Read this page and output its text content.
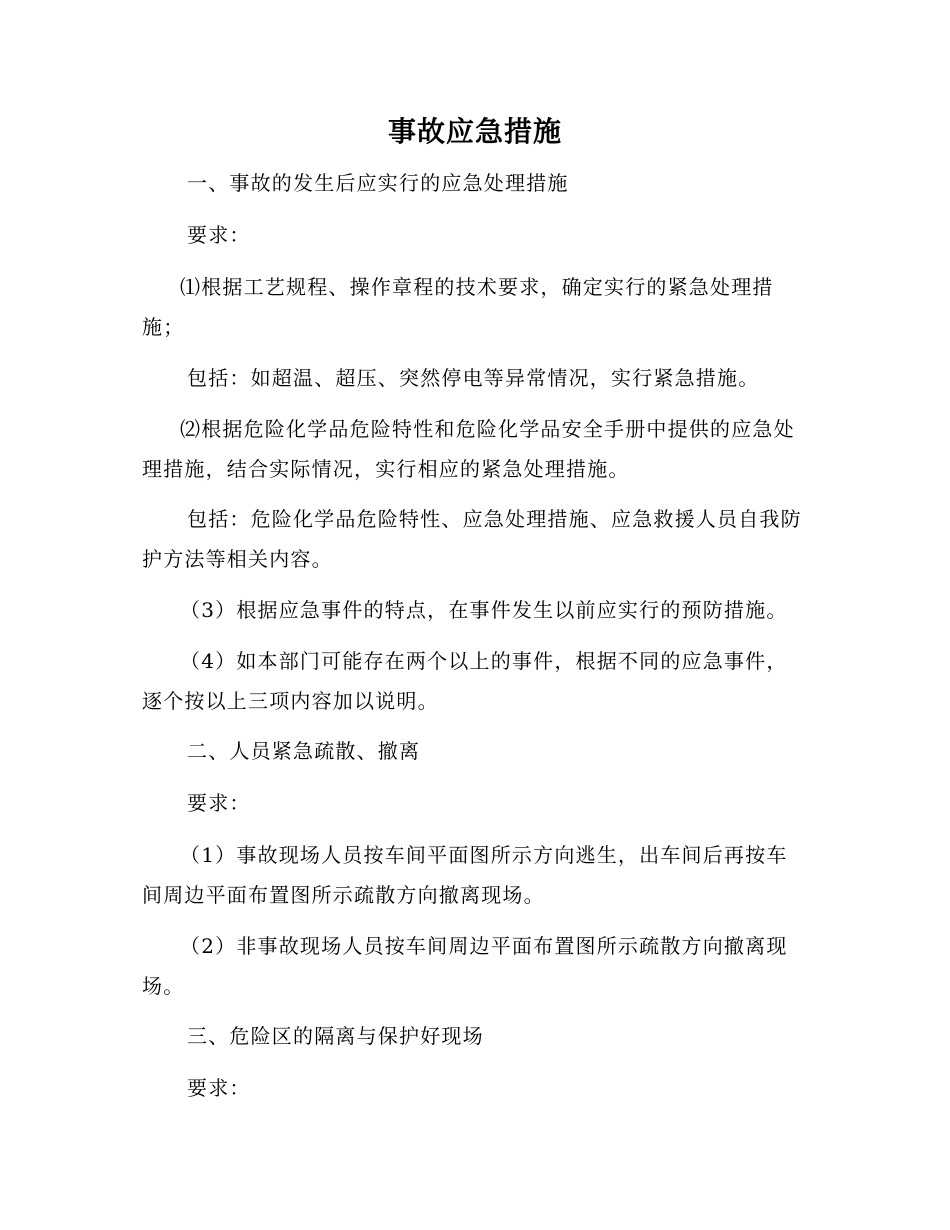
事故应急措施

一、事故的发生后应实行的应急处理措施

要求：

⑴根据工艺规程、操作章程的技术要求，确定实行的紧急处理措施；

包括：如超温、超压、突然停电等异常情况，实行紧急措施。

⑵根据危险化学品危险特性和危险化学品安全手册中提供的应急处理措施，结合实际情况，实行相应的紧急处理措施。

包括：危险化学品危险特性、应急处理措施、应急救援人员自我防护方法等相关内容。

（3）根据应急事件的特点，在事件发生以前应实行的预防措施。

（4）如本部门可能存在两个以上的事件，根据不同的应急事件，逐个按以上三项内容加以说明。

二、人员紧急疏散、撤离

要求：

（1）事故现场人员按车间平面图所示方向逃生，出车间后再按车间周边平面布置图所示疏散方向撤离现场。

（2）非事故现场人员按车间周边平面布置图所示疏散方向撤离现场。

三、危险区的隔离与保护好现场

要求：
